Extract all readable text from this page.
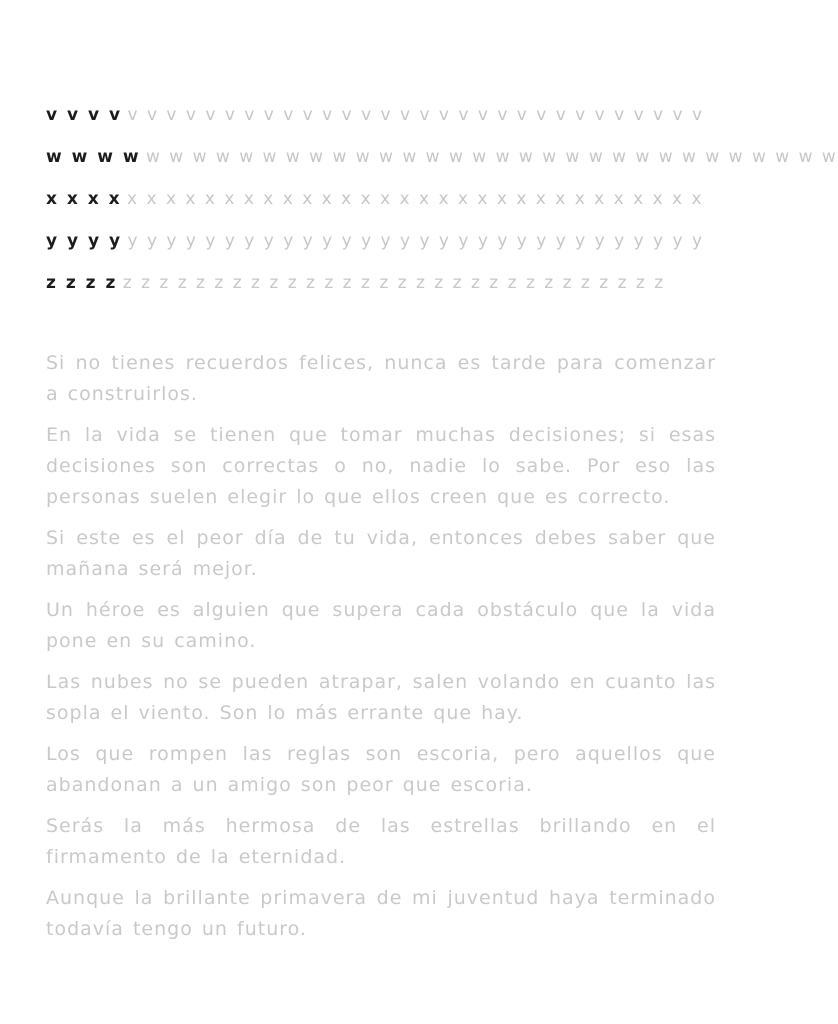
v v v v v v v v v v v v v v v v v v v v v v v v v v v v v v v v v v
w w w w w w w w w w w w w w w w w w w w w w w w w w w w w w w w w w
x x x x x x x x x x x x x x x x x x x x x x x x x x x x x x x x x x
y y y y y y y y y y y y y y y y y y y y y y y y y y y y y y y y y y
z z z z z z z z z z z z z z z z z z z z z z z z z z z z z z z z z z

Si no tienes recuerdos felices, nunca es tarde para comenzar a construirlos.

En la vida se tienen que tomar muchas decisiones; si esas decisiones son correctas o no, nadie lo sabe. Por eso las personas suelen elegir lo que ellos creen que es correcto.

Si este es el peor día de tu vida, entonces debes saber que mañana será mejor.

Un héroe es alguien que supera cada obstáculo que la vida pone en su camino.

Las nubes no se pueden atrapar, salen volando en cuanto las sopla el viento. Son lo más errante que hay.

Los que rompen las reglas son escoria, pero aquellos que abandonan a un amigo son peor que escoria.

Serás la más hermosa de las estrellas brillando en el firmamento de la eternidad.

Aunque la brillante primavera de mi juventud haya terminado todavía tengo un futuro.
